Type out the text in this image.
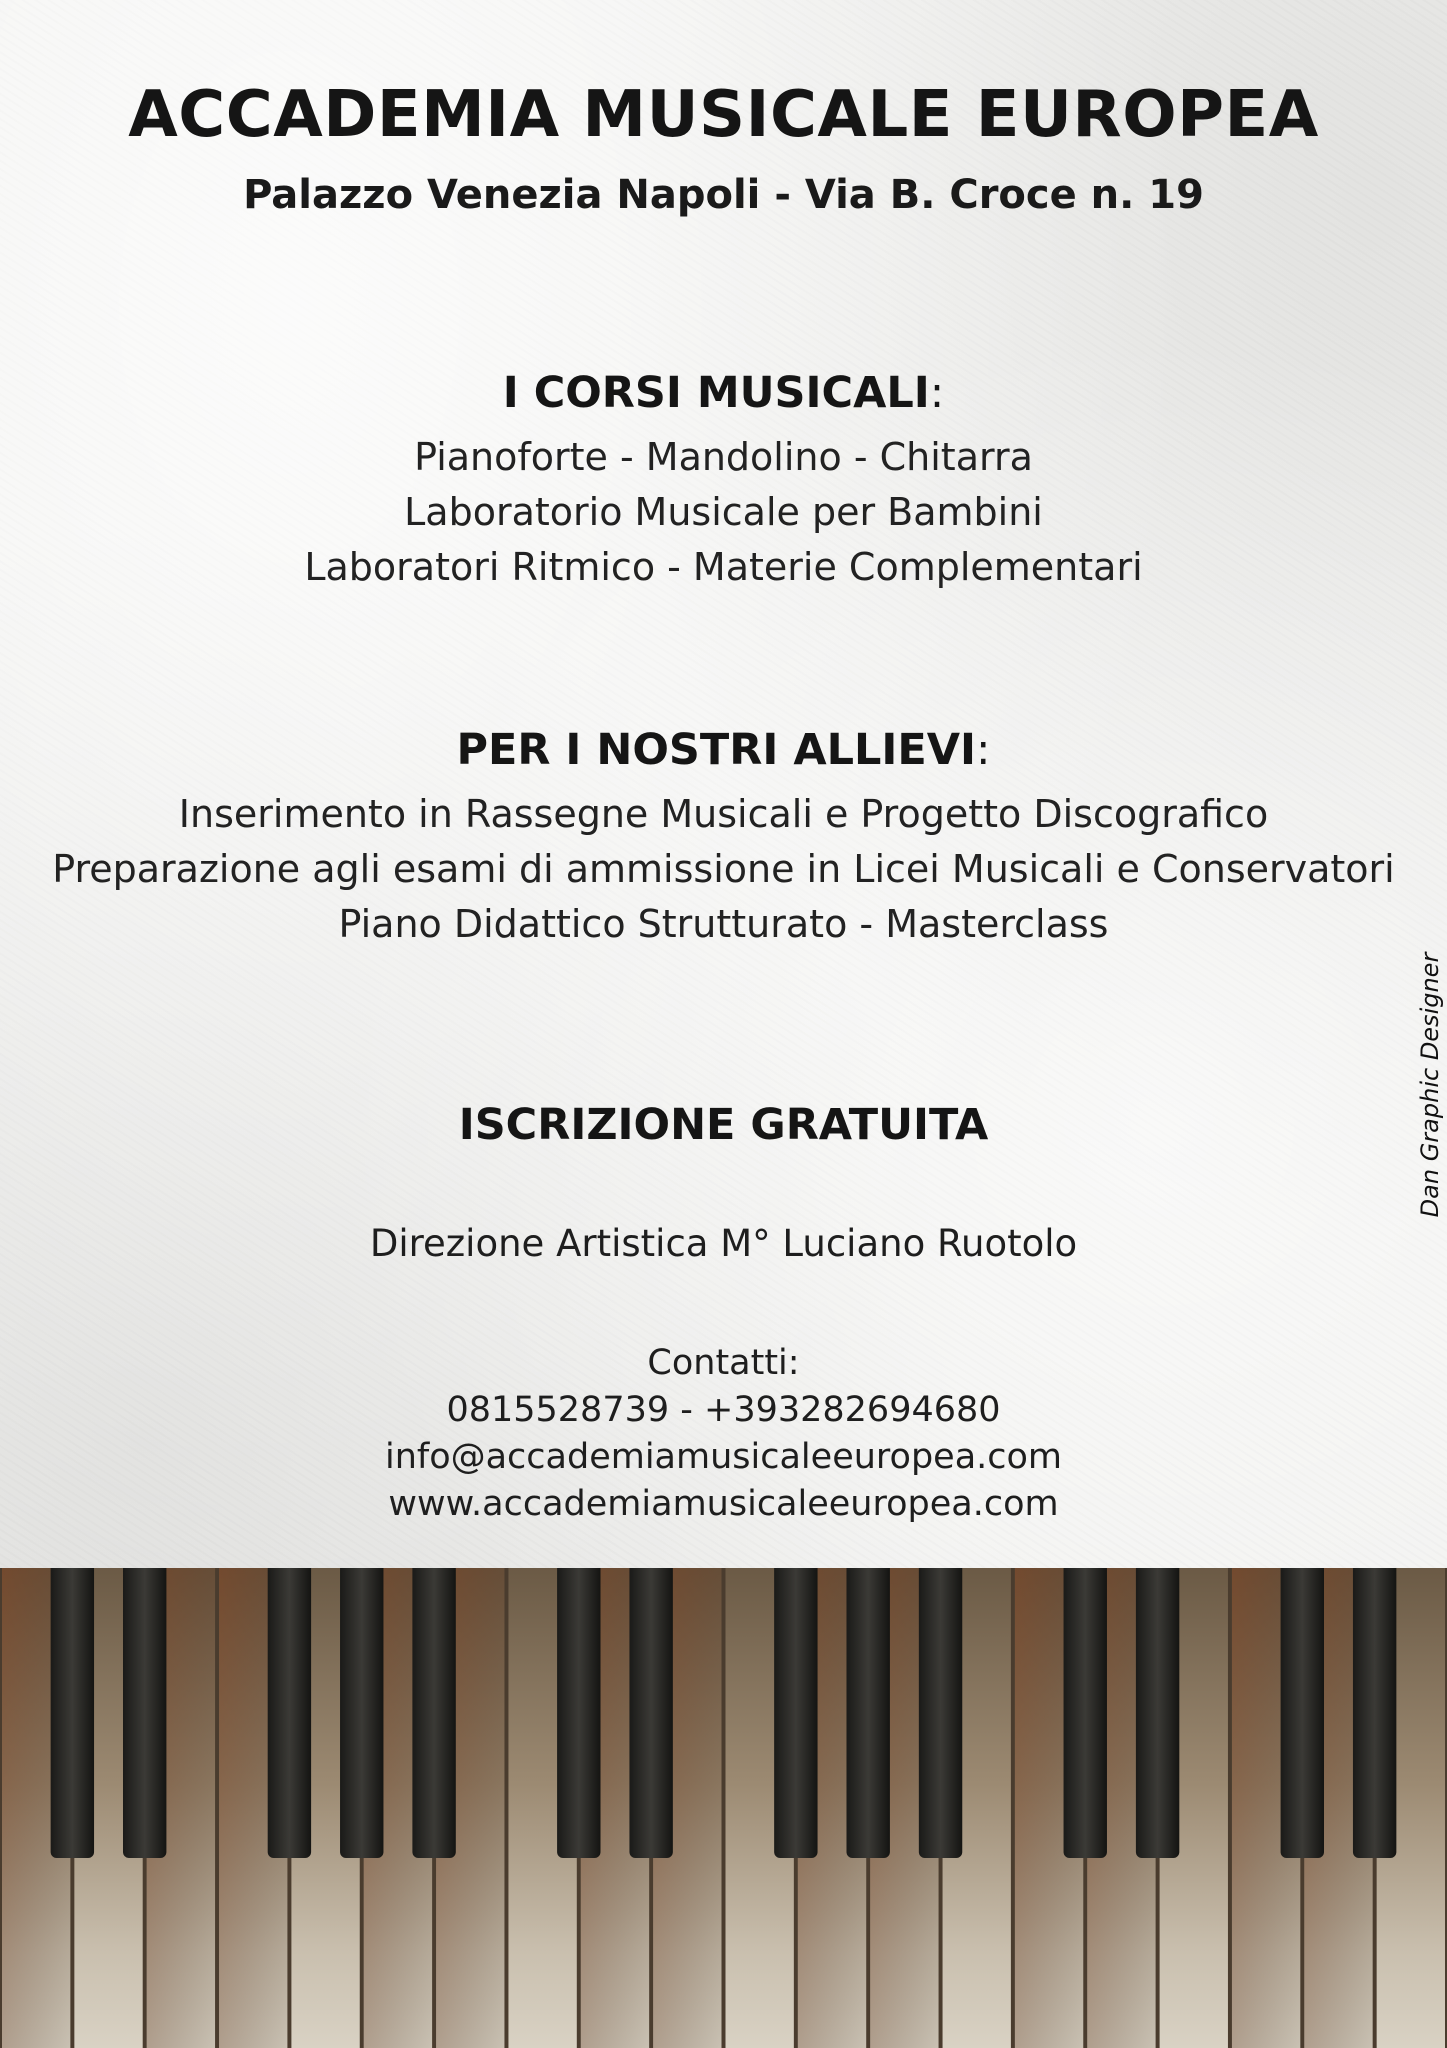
ACCADEMIA MUSICALE EUROPEA
Palazzo Venezia Napoli - Via B. Croce n. 19
I CORSI MUSICALI:
Pianoforte - Mandolino - Chitarra
Laboratorio Musicale per Bambini
Laboratori Ritmico - Materie Complementari
PER I NOSTRI ALLIEVI:
Inserimento in Rassegne Musicali e Progetto Discografico
Preparazione agli esami di ammissione in Licei Musicali e Conservatori
Piano Didattico Strutturato - Masterclass
ISCRIZIONE GRATUITA
Direzione Artistica M° Luciano Ruotolo
Contatti:
0815528739 - +393282694680
info@accademiamusicaleeuropea.com
www.accademiamusicaleeuropea.com
Dan Graphic Designer
